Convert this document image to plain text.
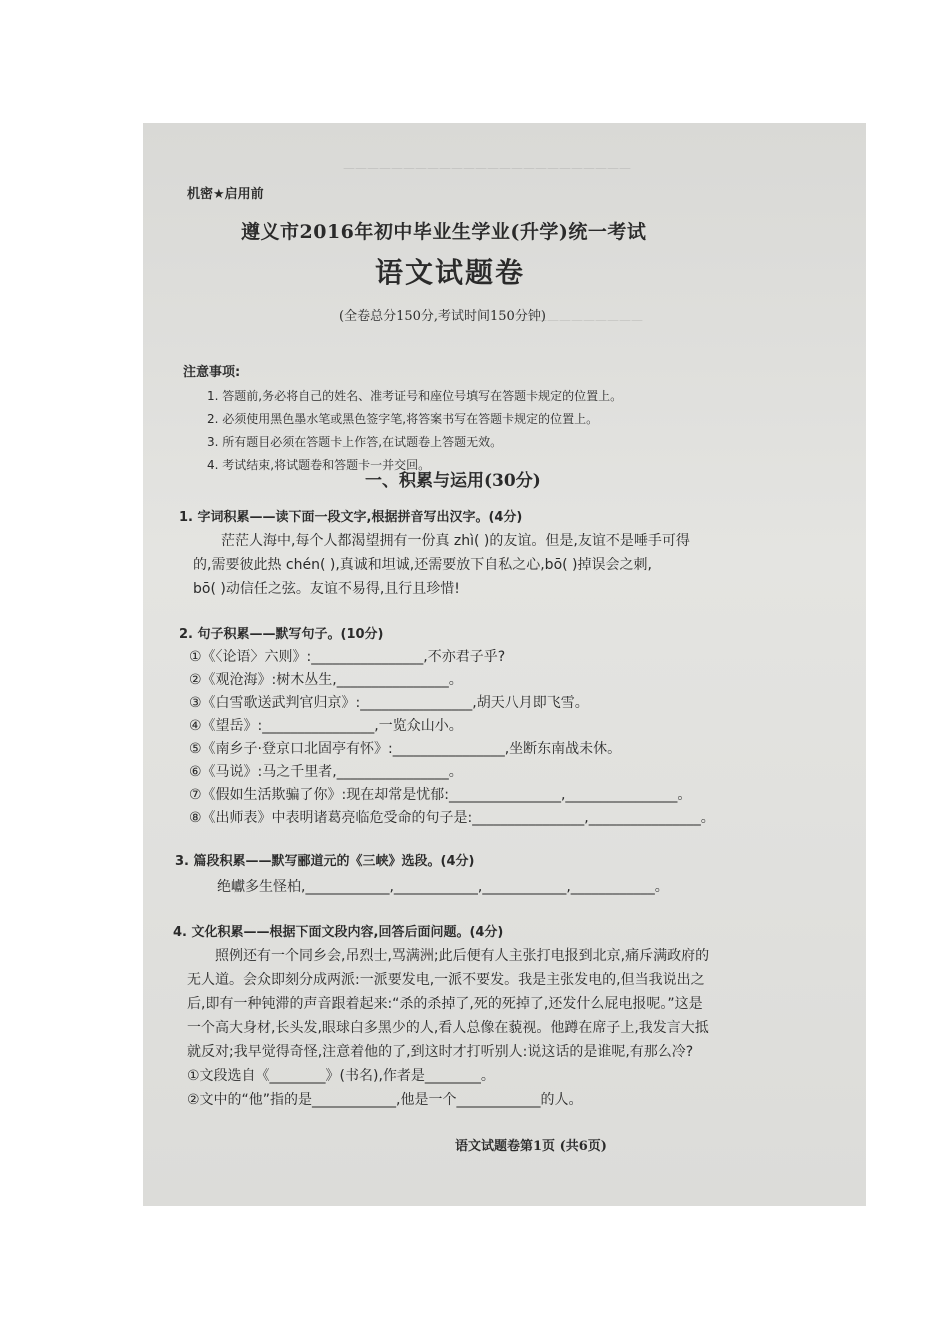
————————————————————————
——————————
机密★启用前
遵义市2016年初中毕业生学业(升学)统一考试
语文试题卷
(全卷总分150分,考试时间150分钟)
注意事项:
1. 答题前,务必将自己的姓名、准考证号和座位号填写在答题卡规定的位置上。
2. 必须使用黑色墨水笔或黑色签字笔,将答案书写在答题卡规定的位置上。
3. 所有题目必须在答题卡上作答,在试题卷上答题无效。
4. 考试结束,将试题卷和答题卡一并交回。
一、积累与运用(30分)
1. 字词积累——读下面一段文字,根据拼音写出汉字。(4分)
茫茫人海中,每个人都渴望拥有一份真 zhì( )的友谊。但是,友谊不是唾手可得
的,需要彼此热 chén( ),真诚和坦诚,还需要放下自私之心,bō( )掉误会之刺,
bō( )动信任之弦。友谊不易得,且行且珍惜!
2. 句子积累——默写句子。(10分)
①《〈论语〉六则》:________________,不亦君子乎?
②《观沧海》:树木丛生,________________。
③《白雪歌送武判官归京》:________________,胡天八月即飞雪。
④《望岳》:________________,一览众山小。
⑤《南乡子·登京口北固亭有怀》:________________,坐断东南战未休。
⑥《马说》:马之千里者,________________。
⑦《假如生活欺骗了你》:现在却常是忧郁:________________,________________。
⑧《出师表》中表明诸葛亮临危受命的句子是:________________,________________。
3. 篇段积累——默写郦道元的《三峡》选段。(4分)
绝巘多生怪柏,____________,____________,____________,____________。
4. 文化积累——根据下面文段内容,回答后面问题。(4分)
照例还有一个同乡会,吊烈士,骂满洲;此后便有人主张打电报到北京,痛斥满政府的
无人道。会众即刻分成两派:一派要发电,一派不要发。我是主张发电的,但当我说出之
后,即有一种钝滞的声音跟着起来:“杀的杀掉了,死的死掉了,还发什么屁电报呢。”这是
一个高大身材,长头发,眼球白多黑少的人,看人总像在藐视。他蹲在席子上,我发言大抵
就反对;我早觉得奇怪,注意着他的了,到这时才打听别人:说这话的是谁呢,有那么冷?
①文段选自《________》(书名),作者是________。
②文中的“他”指的是____________,他是一个____________的人。
语文试题卷第1页 (共6页)
